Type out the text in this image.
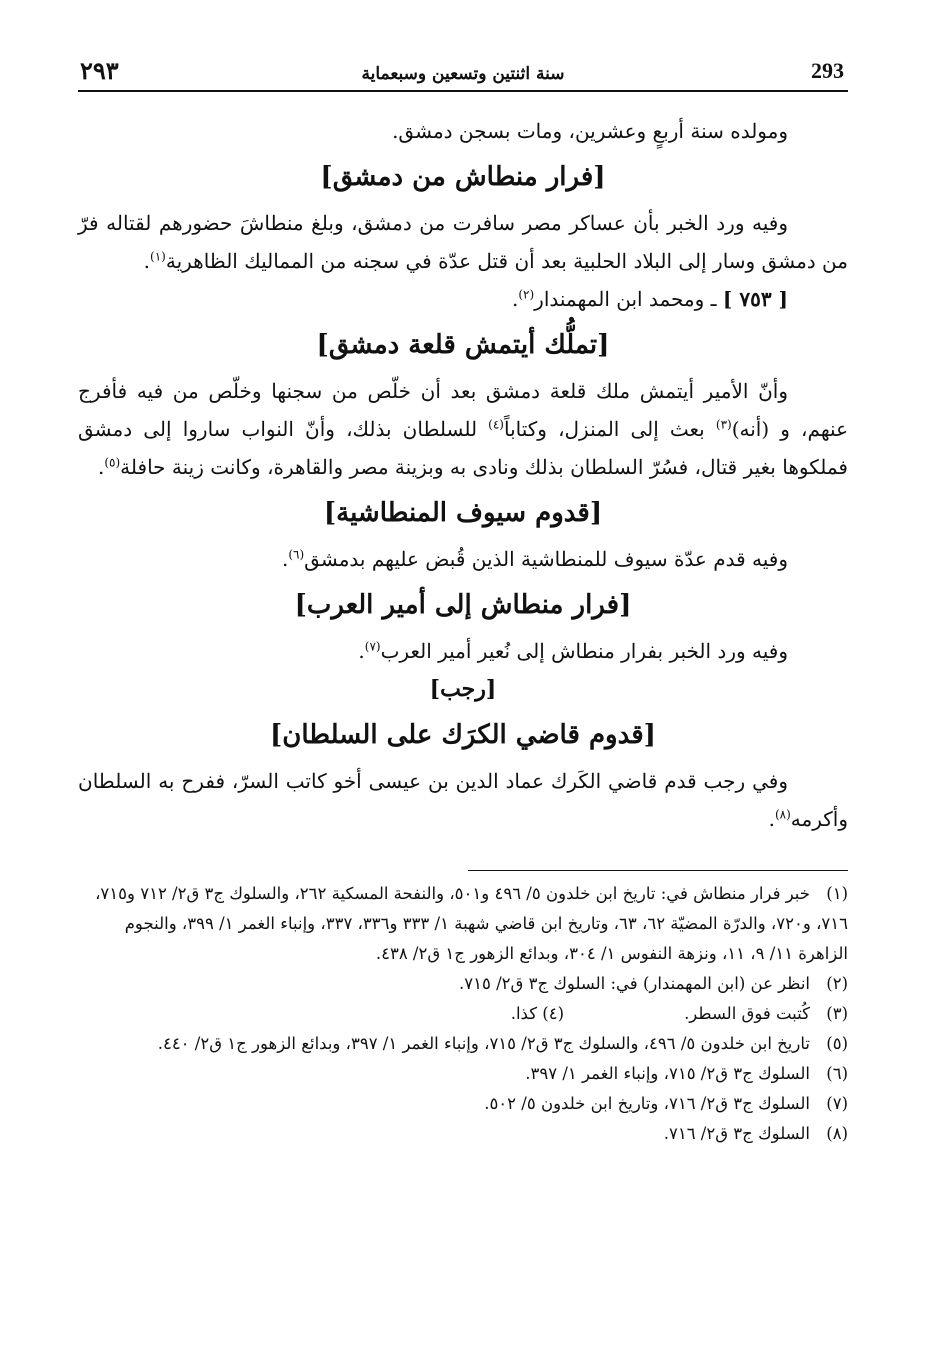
٢٩٣	سنة اثنتين وتسعين وسبعماية	293

ومولده سنة أربعٍ وعشرين، ومات بسجن دمشق.

[فرار منطاش من دمشق]

وفيه ورد الخبر بأن عساكر مصر سافرت من دمشق، وبلغ منطاشَ حضورهم لقتاله فرّ من دمشق وسار إلى البلاد الحلبية بعد أن قتل عدّة في سجنه من المماليك الظاهرية$^{(١)}$.

[ ٧٥٣ ] ـ ومحمد ابن المهمندار$^{(٢)}$.

[تملُّك أيتمش قلعة دمشق]

وأنّ الأمير أيتمش ملك قلعة دمشق بعد أن خلّص من سجنها وخلّص من فيه فأفرج عنهم، و (أنه)$^{(٣)}$ بعث إلى المنزل، وكتاباً$^{(٤)}$ للسلطان بذلك، وأنّ النواب ساروا إلى دمشق فملكوها بغير قتال، فسُرّ السلطان بذلك ونادى به وبزينة مصر والقاهرة، وكانت زينة حافلة$^{(٥)}$.

[قدوم سيوف المنطاشية]

وفيه قدم عدّة سيوف للمنطاشية الذين قُبض عليهم بدمشق$^{(٦)}$.

[فرار منطاش إلى أمير العرب]

وفيه ورد الخبر بفرار منطاش إلى نُعير أمير العرب$^{(٧)}$.

[رجب]

[قدوم قاضي الكرَك على السلطان]

وفي رجب قدم قاضي الكَرك عماد الدين بن عيسى أخو كاتب السرّ، ففرح به السلطان وأكرمه$^{(٨)}$.

(١)خبر فرار منطاش في: تاريخ ابن خلدون ٥/ ٤٩٦ و٥٠١، والنفحة المسكية ٢٦٢، والسلوك ج٣ ق٢/ ٧١٢ و٧١٥، ٧١٦، و٧٢٠، والدرّة المضيّة ٦٢، ٦٣، وتاريخ ابن قاضي شهبة ١/ ٣٣٣ و٣٣٦، ٣٣٧، وإنباء الغمر ١/ ٣٩٩، والنجوم الزاهرة ١١/ ٩، ١١، ونزهة النفوس ١/ ٣٠٤، وبدائع الزهور ج١ ق٢/ ٤٣٨.

(٢)انظر عن (ابن المهمندار) في: السلوك ج٣ ق٢/ ٧١٥.

(٣)كُتبت فوق السطر.
(٤) كذا.

(٥)تاريخ ابن خلدون ٥/ ٤٩٦، والسلوك ج٣ ق٢/ ٧١٥، وإنباء الغمر ١/ ٣٩٧، وبدائع الزهور ج١ ق٢/ ٤٤٠.

(٦)السلوك ج٣ ق٢/ ٧١٥، وإنباء الغمر ١/ ٣٩٧.

(٧)السلوك ج٣ ق٢/ ٧١٦، وتاريخ ابن خلدون ٥/ ٥٠٢.

(٨)السلوك ج٣ ق٢/ ٧١٦.
